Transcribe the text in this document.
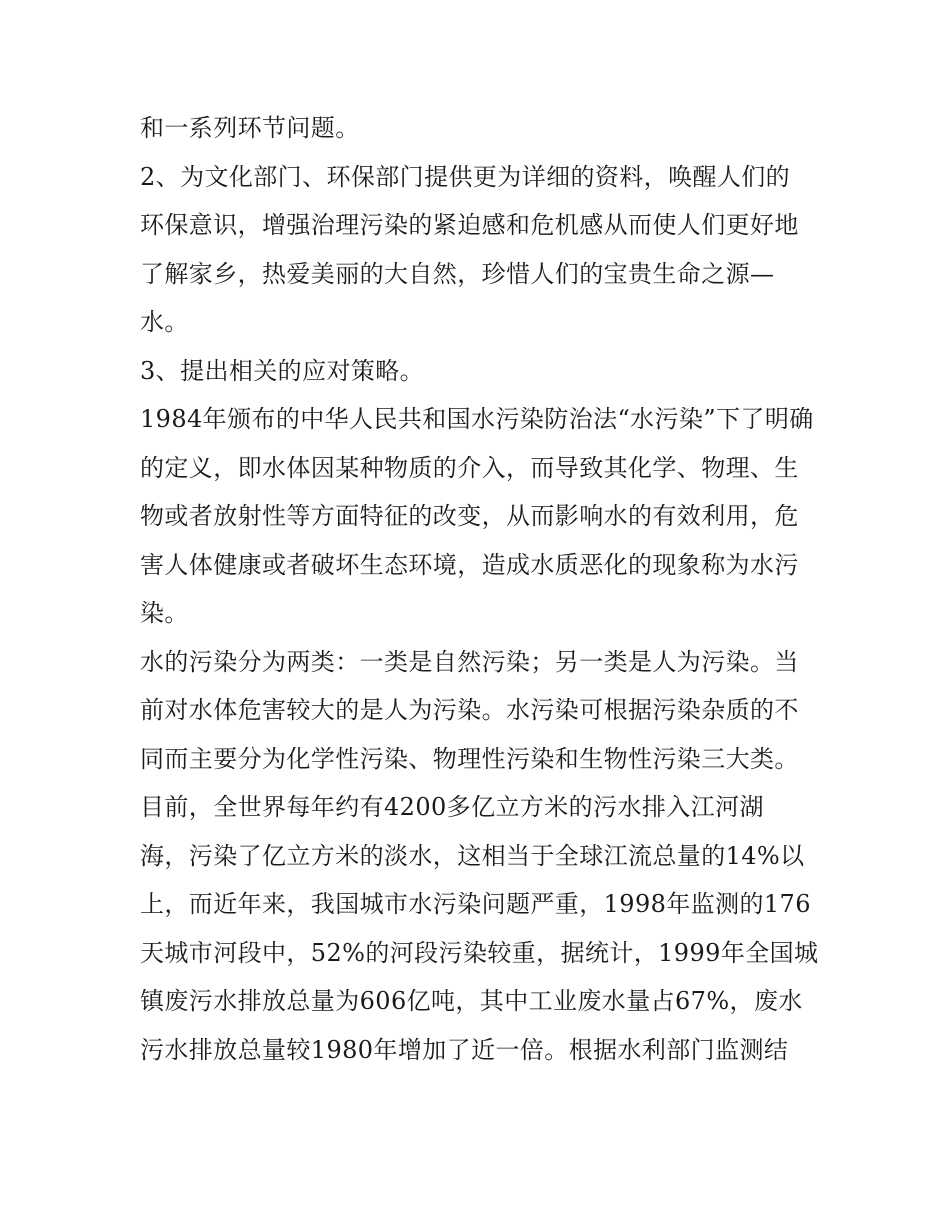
和一系列环节问题。
2、为文化部门、环保部门提供更为详细的资料，唤醒人们的
环保意识，增强治理污染的紧迫感和危机感从而使人们更好地
了解家乡，热爱美丽的大自然，珍惜人们的宝贵生命之源—
水。
3、提出相关的应对策略。
1984年颁布的中华人民共和国水污染防治法“水污染”下了明确
的定义，即水体因某种物质的介入，而导致其化学、物理、生
物或者放射性等方面特征的改变，从而影响水的有效利用，危
害人体健康或者破坏生态环境，造成水质恶化的现象称为水污
染。
水的污染分为两类：一类是自然污染；另一类是人为污染。当
前对水体危害较大的是人为污染。水污染可根据污染杂质的不
同而主要分为化学性污染、物理性污染和生物性污染三大类。
目前，全世界每年约有4200多亿立方米的污水排入江河湖
海，污染了亿立方米的淡水，这相当于全球江流总量的14%以
上，而近年来，我国城市水污染问题严重，1998年监测的176
天城市河段中，52%的河段污染较重，据统计，1999年全国城
镇废污水排放总量为606亿吨，其中工业废水量占67%，废水
污水排放总量较1980年增加了近一倍。根据水利部门监测结
